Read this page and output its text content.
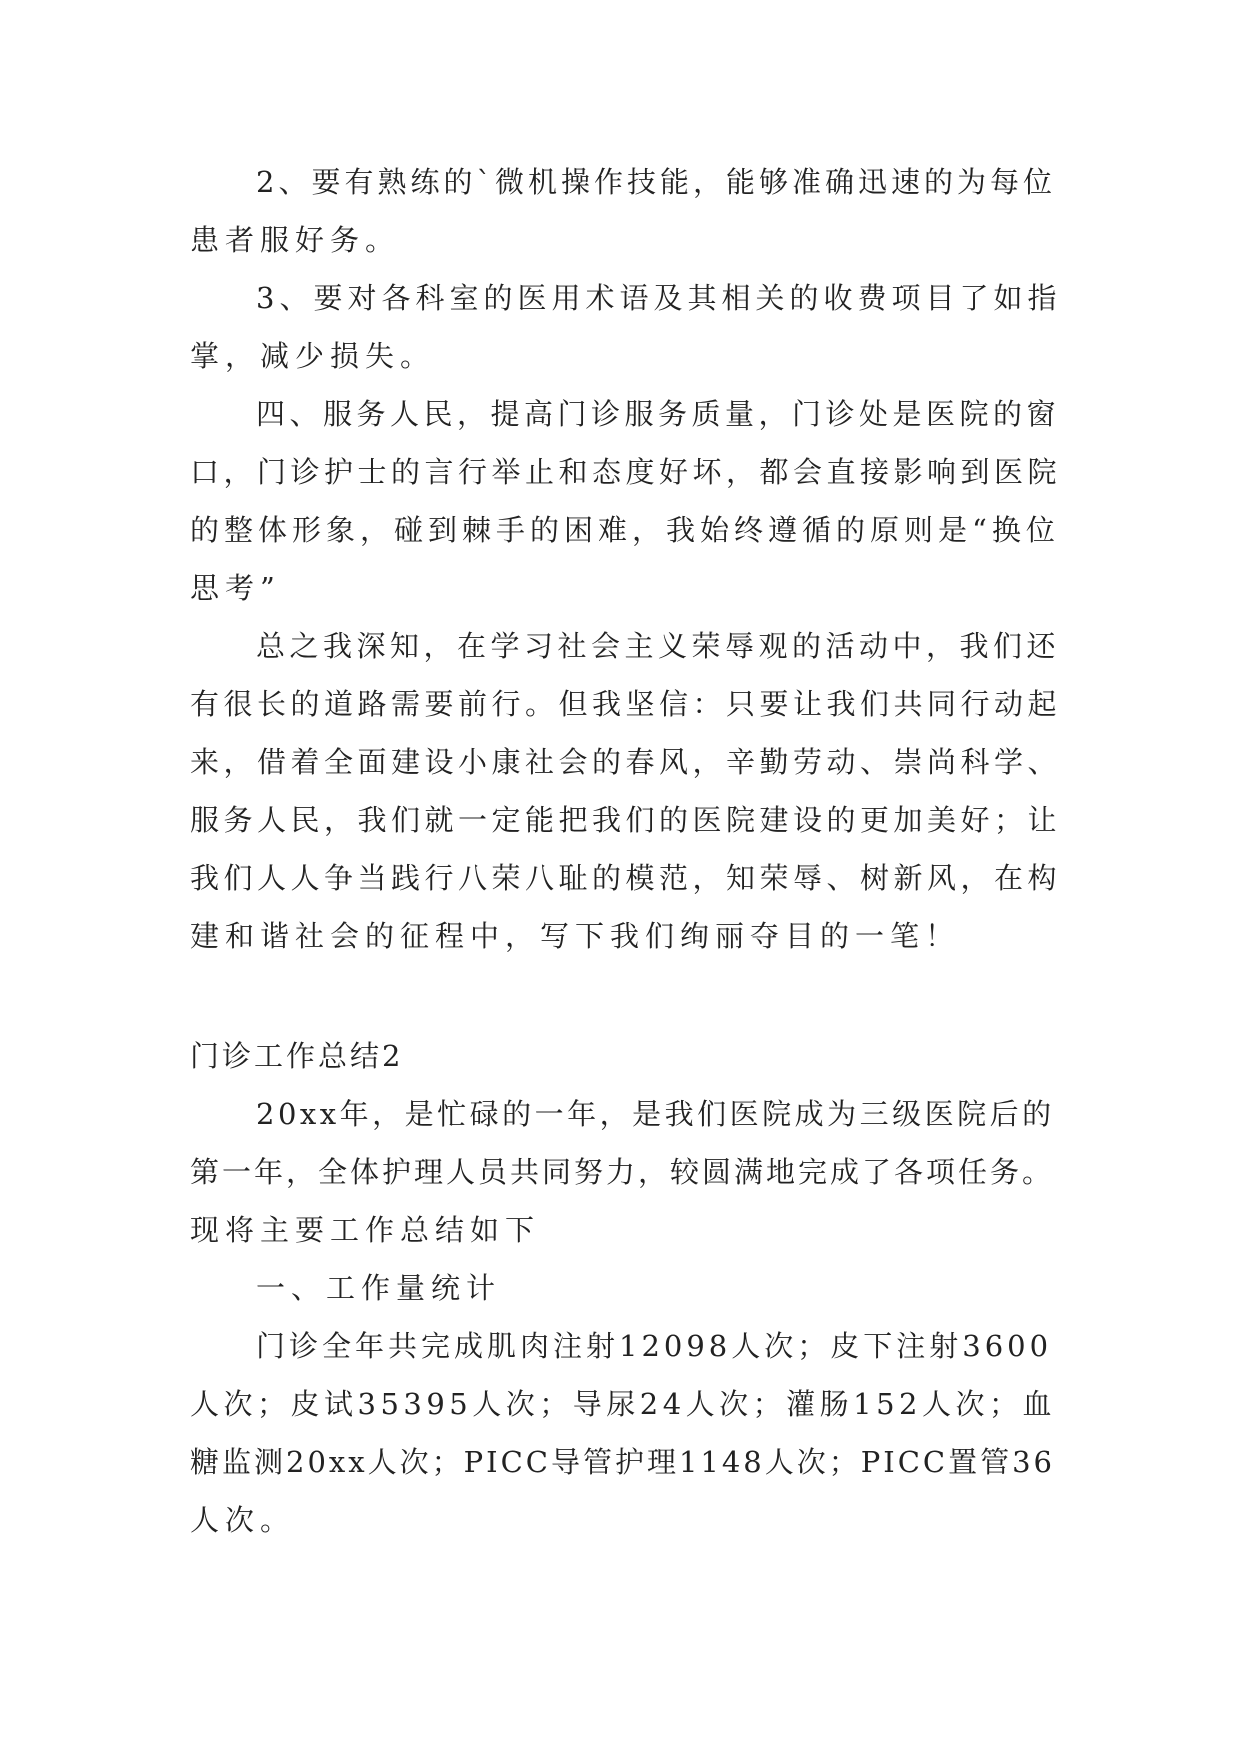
2、要有熟练的`微机操作技能，能够准确迅速的为每位
患者服好务。
3、要对各科室的医用术语及其相关的收费项目了如指
掌，减少损失。
四、服务人民，提高门诊服务质量，门诊处是医院的窗
口，门诊护士的言行举止和态度好坏，都会直接影响到医院
的整体形象，碰到棘手的困难，我始终遵循的原则是“换位
思考”
总之我深知，在学习社会主义荣辱观的活动中，我们还
有很长的道路需要前行。但我坚信：只要让我们共同行动起
来，借着全面建设小康社会的春风，辛勤劳动、崇尚科学、
服务人民，我们就一定能把我们的医院建设的更加美好；让
我们人人争当践行八荣八耻的模范，知荣辱、树新风，在构
建和谐社会的征程中，写下我们绚丽夺目的一笔！
门诊工作总结2
20xx年，是忙碌的一年，是我们医院成为三级医院后的
第一年，全体护理人员共同努力，较圆满地完成了各项任务。
现将主要工作总结如下
一、工作量统计
门诊全年共完成肌肉注射12098人次；皮下注射3600
人次；皮试35395人次；导尿24人次；灌肠152人次；血
糖监测20xx人次；PICC导管护理1148人次；PICC置管36
人次。
